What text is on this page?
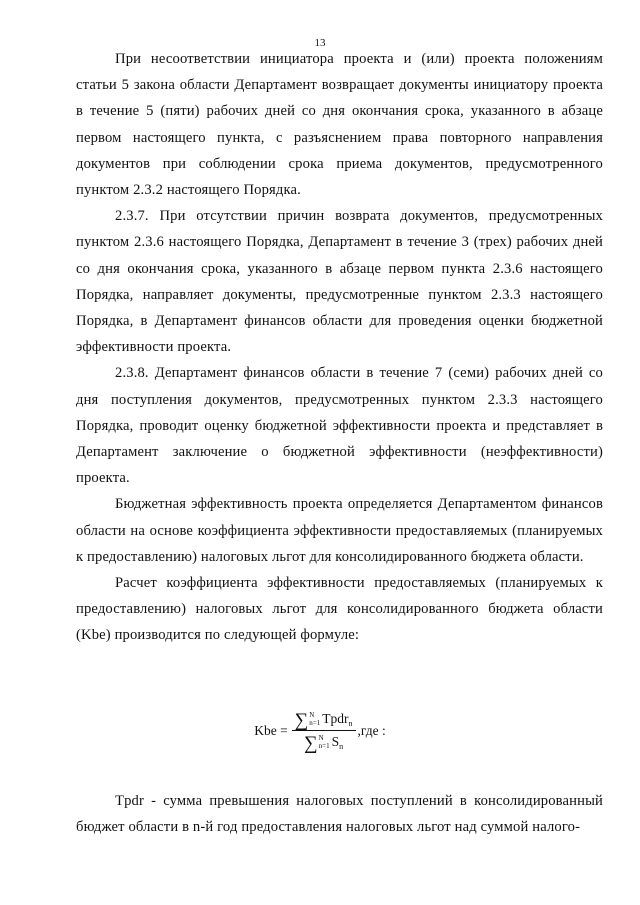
13

При несоответствии инициатора проекта и (или) проекта положениям статьи 5 закона области Департамент возвращает документы инициатору проекта в течение 5 (пяти) рабочих дней со дня окончания срока, указанного в абзаце первом настоящего пункта, с разъяснением права повторного направления документов при соблюдении срока приема документов, предусмотренного пунктом 2.3.2 настоящего Порядка.

2.3.7. При отсутствии причин возврата документов, предусмотренных пунктом 2.3.6 настоящего Порядка, Департамент в течение 3 (трех) рабочих дней со дня окончания срока, указанного в абзаце первом пункта 2.3.6 настоящего Порядка, направляет документы, предусмотренные пунктом 2.3.3 настоящего Порядка, в Департамент финансов области для проведения оценки бюджетной эффективности проекта.

2.3.8. Департамент финансов области в течение 7 (семи) рабочих дней со дня поступления документов, предусмотренных пунктом 2.3.3 настоящего Порядка, проводит оценку бюджетной эффективности проекта и представляет в Департамент заключение о бюджетной эффективности (неэффективности) проекта.

Бюджетная эффективность проекта определяется Департаментом финансов области на основе коэффициента эффективности предоставляемых (планируемых к предоставлению) налоговых льгот для консолидированного бюджета области.

Расчет коэффициента эффективности предоставляемых (планируемых к предоставлению) налоговых льгот для консолидированного бюджета области (Kbe) производится по следующей формуле:

Kbe = ∑ N
n=1 Tpdr n
∑ N
n=1 S n ,где :

Tpdr - сумма превышения налоговых поступлений в консолидированный бюджет области в n-й год предоставления налоговых льгот над суммой налого-
